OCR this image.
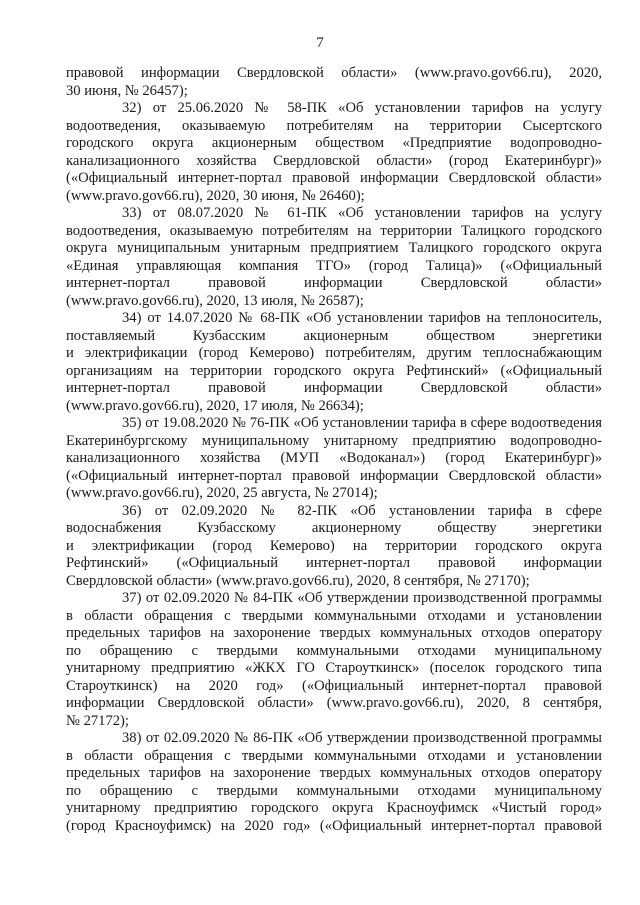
7
правовой информации Свердловской области» (www.pravo.gov66.ru), 2020,
30 июня, № 26457);
32) от 25.06.2020 № 58-ПК «Об установлении тарифов на услугу
водоотведения, оказываемую потребителям на территории Сысертского
городского округа акционерным обществом «Предприятие водопроводно-
канализационного хозяйства Свердловской области» (город Екатеринбург)»
(«Официальный интернет-портал правовой информации Свердловской области»
(www.pravo.gov66.ru), 2020, 30 июня, № 26460);
33) от 08.07.2020 № 61-ПК «Об установлении тарифов на услугу
водоотведения, оказываемую потребителям на территории Талицкого городского
округа муниципальным унитарным предприятием Талицкого городского округа
«Единая управляющая компания ТГО» (город Талица)» («Официальный
интернет-портал правовой информации Свердловской области»
(www.pravo.gov66.ru), 2020, 13 июля, № 26587);
34) от 14.07.2020 № 68-ПК «Об установлении тарифов на теплоноситель,
поставляемый Кузбасским акционерным обществом энергетики
и электрификации (город Кемерово) потребителям, другим теплоснабжающим
организациям на территории городского округа Рефтинский» («Официальный
интернет-портал правовой информации Свердловской области»
(www.pravo.gov66.ru), 2020, 17 июля, № 26634);
35) от 19.08.2020 № 76-ПК «Об установлении тарифа в сфере водоотведения
Екатеринбургскому муниципальному унитарному предприятию водопроводно-
канализационного хозяйства (МУП «Водоканал») (город Екатеринбург)»
(«Официальный интернет-портал правовой информации Свердловской области»
(www.pravo.gov66.ru), 2020, 25 августа, № 27014);
36) от 02.09.2020 № 82-ПК «Об установлении тарифа в сфере
водоснабжения Кузбасскому акционерному обществу энергетики
и электрификации (город Кемерово) на территории городского округа
Рефтинский» («Официальный интернет-портал правовой информации
Свердловской области» (www.pravo.gov66.ru), 2020, 8 сентября, № 27170);
37) от 02.09.2020 № 84-ПК «Об утверждении производственной программы
в области обращения с твердыми коммунальными отходами и установлении
предельных тарифов на захоронение твердых коммунальных отходов оператору
по обращению с твердыми коммунальными отходами муниципальному
унитарному предприятию «ЖКХ ГО Староуткинск» (поселок городского типа
Староуткинск) на 2020 год» («Официальный интернет-портал правовой
информации Свердловской области» (www.pravo.gov66.ru), 2020, 8 сентября,
№ 27172);
38) от 02.09.2020 № 86-ПК «Об утверждении производственной программы
в области обращения с твердыми коммунальными отходами и установлении
предельных тарифов на захоронение твердых коммунальных отходов оператору
по обращению с твердыми коммунальными отходами муниципальному
унитарному предприятию городского округа Красноуфимск «Чистый город»
(город Красноуфимск) на 2020 год» («Официальный интернет-портал правовой
